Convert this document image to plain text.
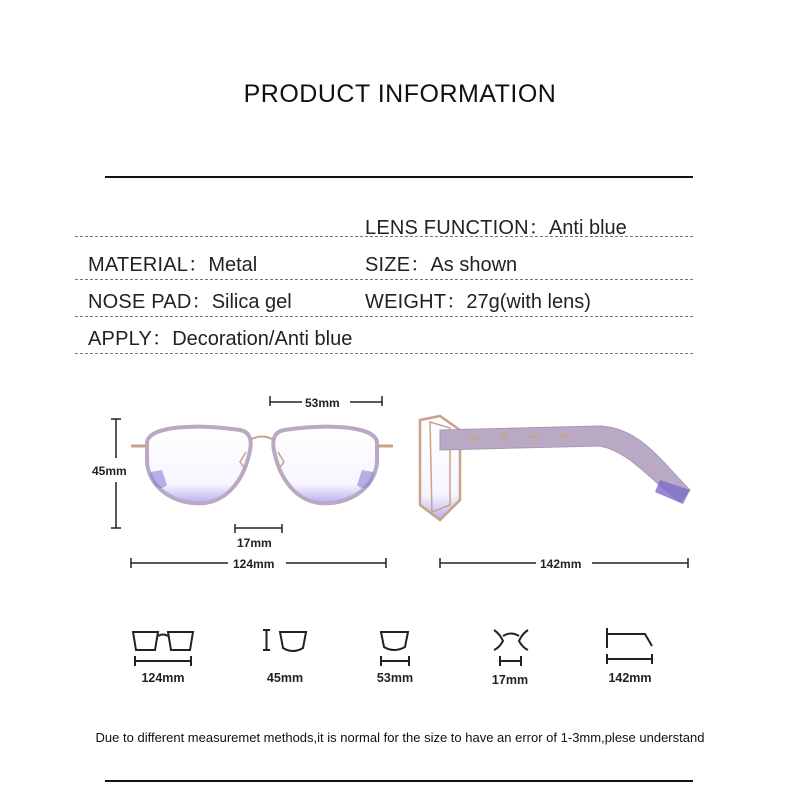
PRODUCT INFORMATION
LENS FUNCTION：Anti blue
MATERIAL：Metal	SIZE：As shown
NOSE PAD：Silica gel	WEIGHT：27g(with lens)
APPLY：Decoration/Anti blue
53mm
45mm
17mm
124mm	142mm
124mm	45mm	53mm	17mm	142mm
Due to different measuremet methods,it is normal for the size to have an error of 1-3mm,plese understand
